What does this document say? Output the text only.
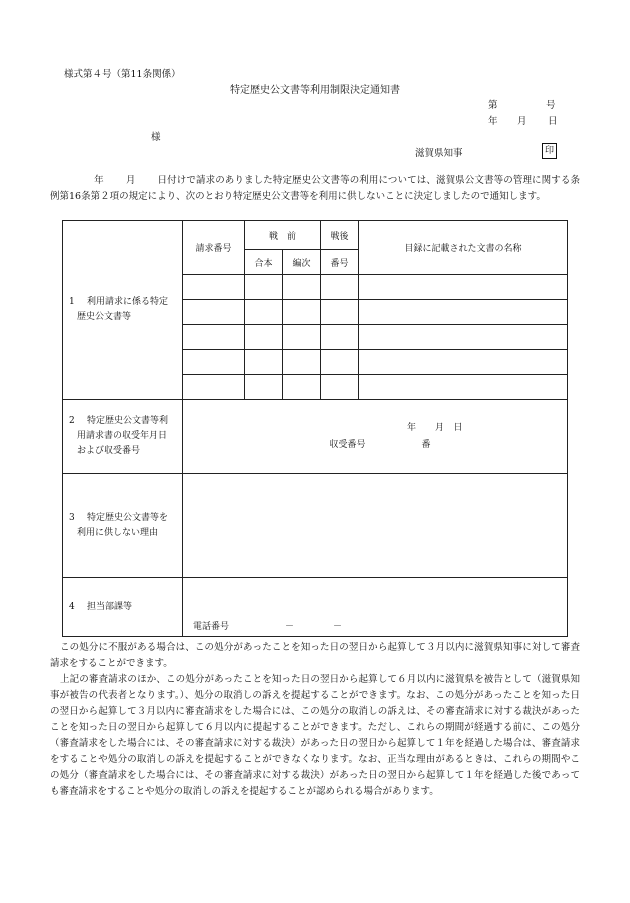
様式第４号（第11条関係）
特定歴史公文書等利用制限決定通知書
第	号
年 月 日
様
滋賀県知事	印
年 月 日付けで請求のありました特定歴史公文書等の利用については、滋賀県公文書等の管理に関する条例第16条第２項の規定により、次のとおり特定歴史公文書等を利用に供しないことに決定しましたので通知します。
1 利用請求に係る特定
歴史公文書等	請求番号	戦　前		戦後	目録に記載された文書の名称
		合本	編次	番号	

2 特定歴史公文書等利
用請求書の収受年月日
および収受番号	年 月 日
収受番号 番				

3 特定歴史公文書等を
利用に供しない理由					

4 担当部課等	電話番号 － －				

この処分に不服がある場合は、この処分があったことを知った日の翌日から起算して３月以内に滋賀県知事に対して審査請求をすることができます。

上記の審査請求のほか、この処分があったことを知った日の翌日から起算して６月以内に滋賀県を被告として（滋賀県知事が被告の代表者となります。）、処分の取消しの訴えを提起することができます。なお、この処分があったことを知った日の翌日から起算して３月以内に審査請求をした場合には、この処分の取消しの訴えは、その審査請求に対する裁決があったことを知った日の翌日から起算して６月以内に提起することができます。ただし、これらの期間が経過する前に、この処分（審査請求をした場合には、その審査請求に対する裁決）があった日の翌日から起算して１年を経過した場合は、審査請求をすることや処分の取消しの訴えを提起することができなくなります。なお、正当な理由があるときは、これらの期間やこの処分（審査請求をした場合には、その審査請求に対する裁決）があった日の翌日から起算して１年を経過した後であっても審査請求をすることや処分の取消しの訴えを提起することが認められる場合があります。
